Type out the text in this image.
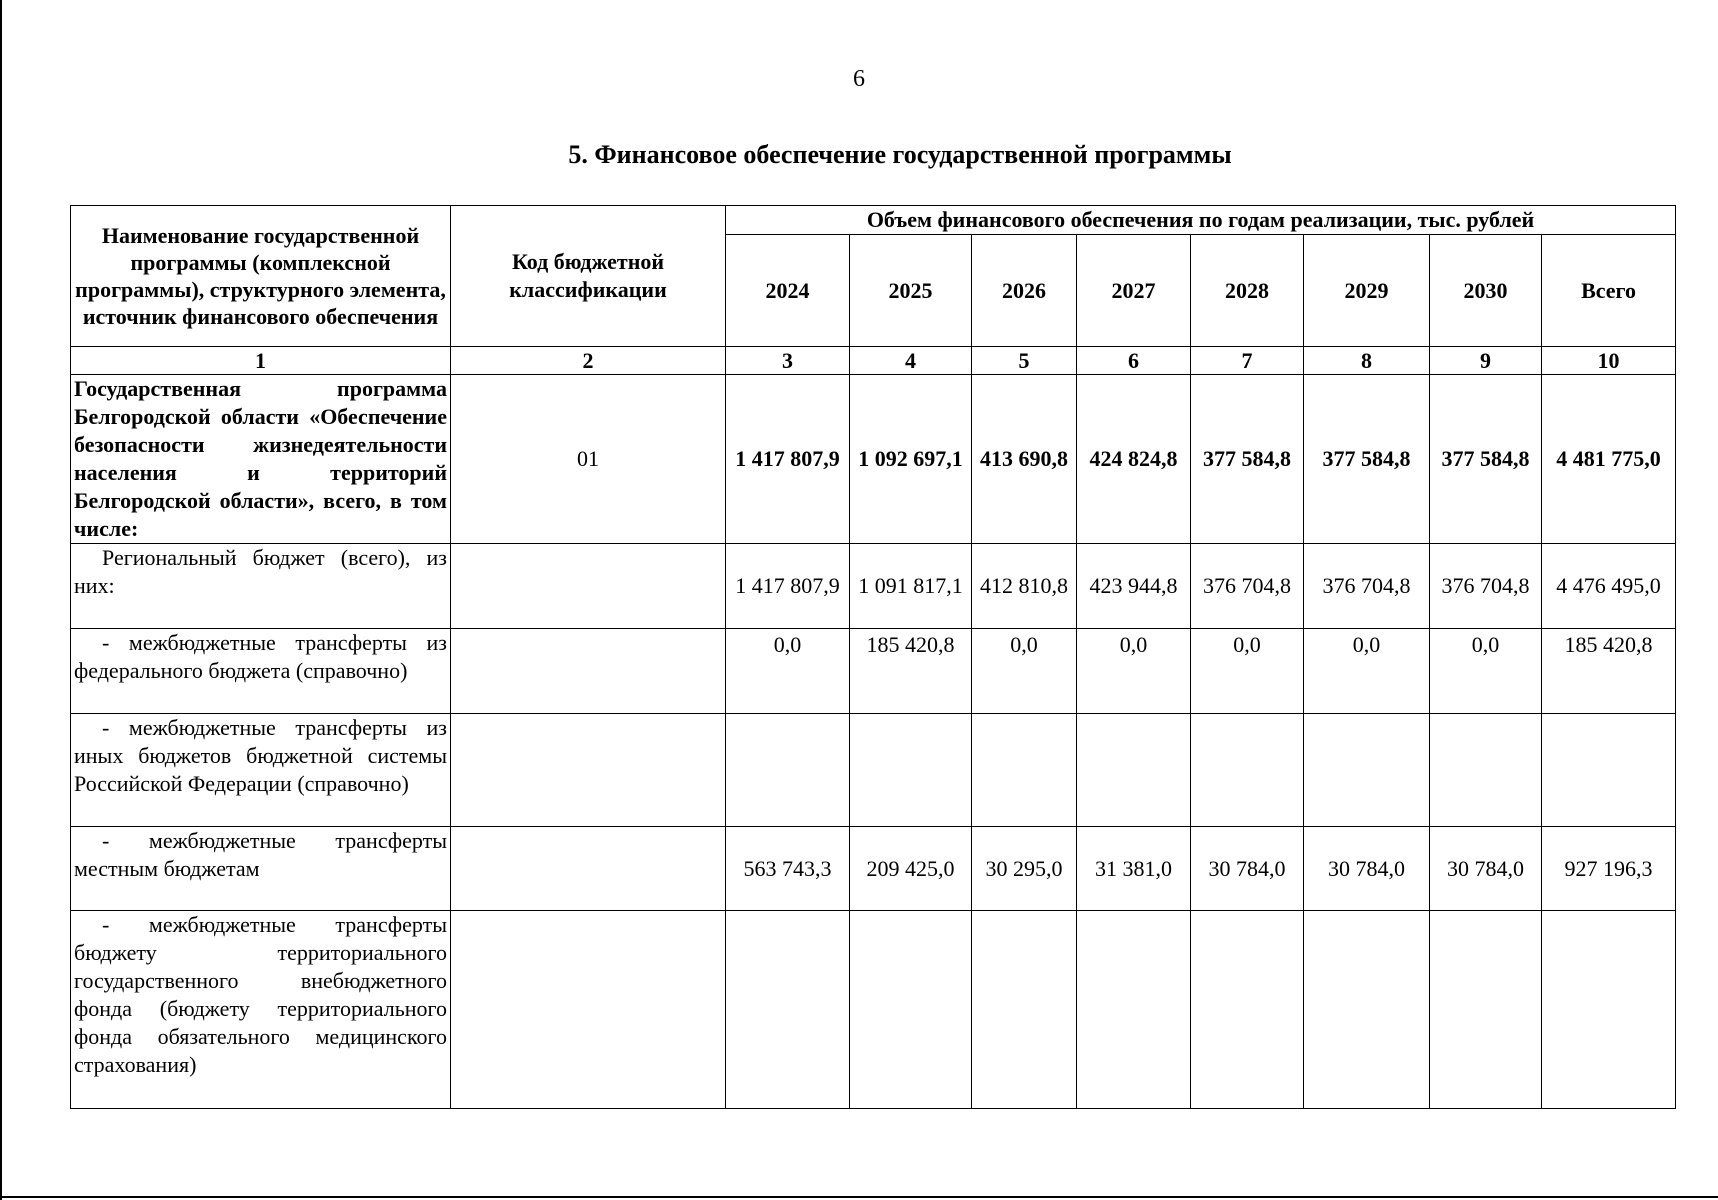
6
5. Финансовое обеспечение государственной программы
Наименование государственной программы (комплексной программы), структурного элемента, источник финансового обеспечения	Код бюджетной классификации	Объем финансового обеспечения по годам реализации, тыс. рублей							
		2024	2025	2026	2027	2028	2029	2030	Всего
1	2	3	4	5	6	7	8	9	10
Государственная программа Белгородской области «Обеспечение безопасности жизнедеятельности населения и территорий Белгородской области», всего, в том числе:	01	1 417 807,9	1 092 697,1	413 690,8	424 824,8	377 584,8	377 584,8	377 584,8	4 481 775,0
Региональный бюджет (всего), из них:		1 417 807,9	1 091 817,1	412 810,8	423 944,8	376 704,8	376 704,8	376 704,8	4 476 495,0
- межбюджетные трансферты из федерального бюджета (справочно)		0,0	185 420,8	0,0	0,0	0,0	0,0	0,0	185 420,8
- межбюджетные трансферты из иных бюджетов бюджетной системы Российской Федерации (справочно)									
- межбюджетные трансферты местным бюджетам		563 743,3	209 425,0	30 295,0	31 381,0	30 784,0	30 784,0	30 784,0	927 196,3
- межбюджетные трансферты бюджету территориального государственного внебюджетного фонда (бюджету территориального фонда обязательного медицинского страхования)									
